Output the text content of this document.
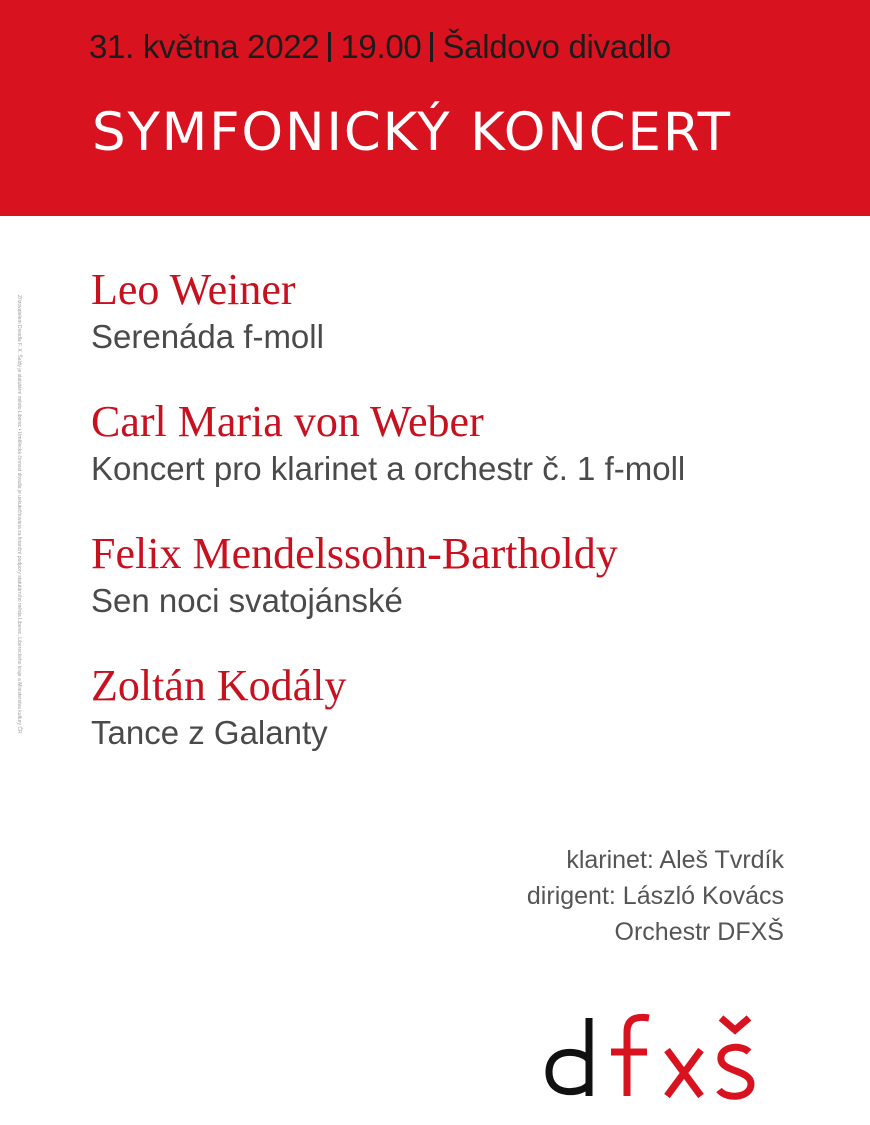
31. května 2022 19.00 Šaldovo divadlo
SYMFONICKÝ KONCERT
Zřizovatelem Divadla F. X. Šaldy je statutární město Liberec • Umělecká činnost divadla je uskutečňována za finanční podpory statutárního města Liberec, Libereckého kraje a Ministerstva kultury ČR
Leo Weiner
Serenáda f-moll
Carl Maria von Weber
Koncert pro klarinet a orchestr č. 1 f-moll
Felix Mendelssohn-Bartholdy
Sen noci svatojánské
Zoltán Kodály
Tance z Galanty
klarinet: Aleš Tvrdík
dirigent: László Kovács
Orchestr DFXŠ
